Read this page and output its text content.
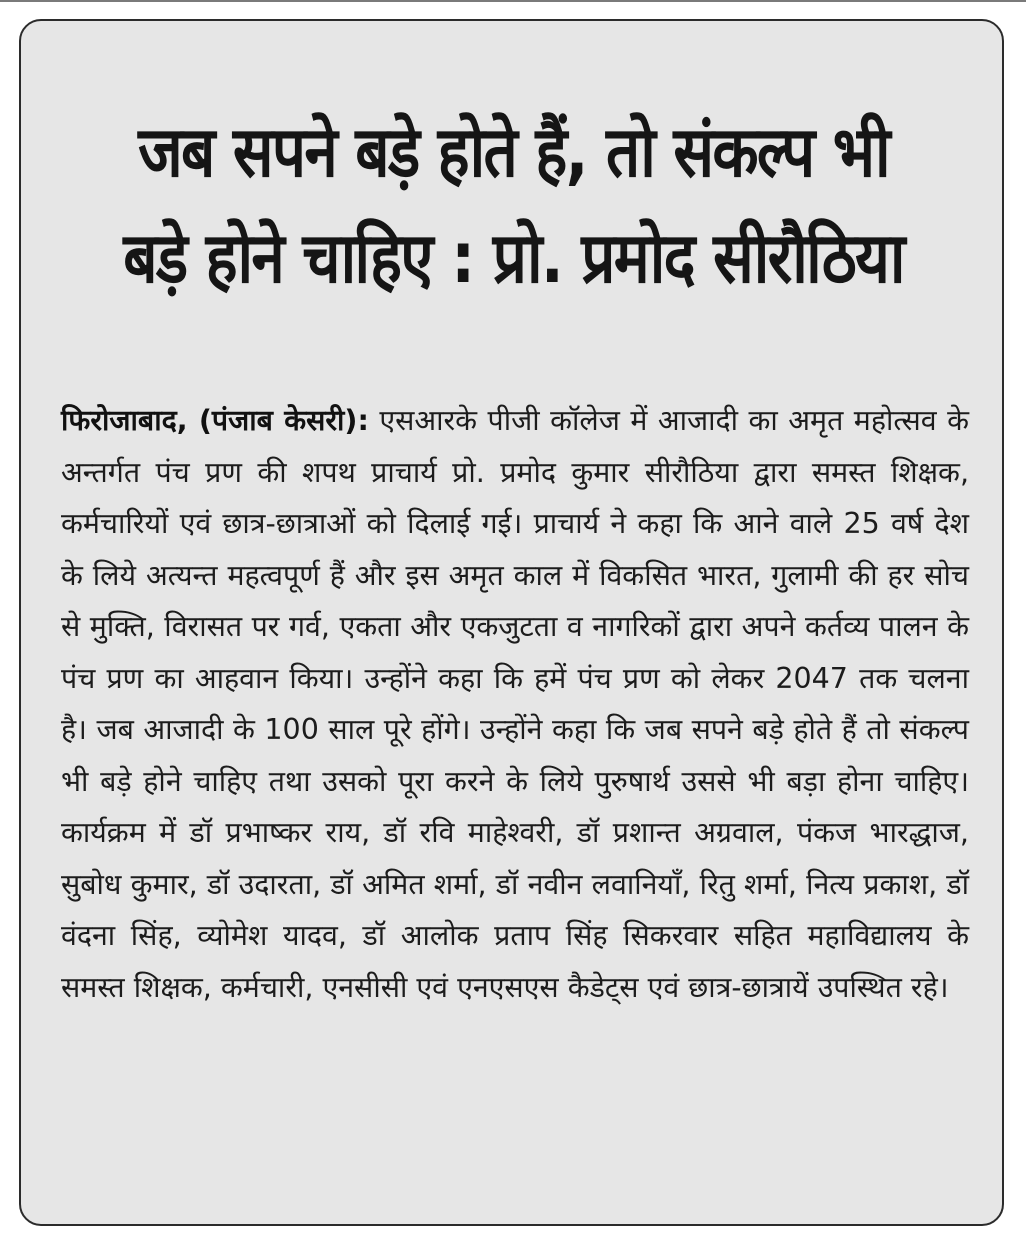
जब सपने बड़े होते हैं, तो संकल्प भी बड़े होने चाहिए : प्रो. प्रमोद सीरौठिया

फिरोजाबाद, (पंजाब केसरी): एसआरके पीजी कॉलेज में आजादी का अमृत महोत्सव के अन्तर्गत पंच प्रण की शपथ प्राचार्य प्रो. प्रमोद कुमार सीरौठिया द्वारा समस्त शिक्षक, कर्मचारियों एवं छात्र-छात्राओं को दिलाई गई। प्राचार्य ने कहा कि आने वाले 25 वर्ष देश के लिये अत्यन्त महत्वपूर्ण हैं और इस अमृत काल में विकसित भारत, गुलामी की हर सोच से मुक्ति, विरासत पर गर्व, एकता और एकजुटता व नागरिकों द्वारा अपने कर्तव्य पालन के पंच प्रण का आहवान किया। उन्होंने कहा कि हमें पंच प्रण को लेकर 2047 तक चलना है। जब आजादी के 100 साल पूरे होंगे। उन्होंने कहा कि जब सपने बड़े होते हैं तो संकल्प भी बड़े होने चाहिए तथा उसको पूरा करने के लिये पुरुषार्थ उससे भी बड़ा होना चाहिए। कार्यक्रम में डॉ प्रभाष्कर राय, डॉ रवि माहेश्वरी, डॉ प्रशान्त अग्रवाल, पंकज भारद्धाज, सुबोध कुमार, डॉ उदारता, डॉ अमित शर्मा, डॉ नवीन लवानियाँ, रितु शर्मा, नित्य प्रकाश, डॉ वंदना सिंह, व्योमेश यादव, डॉ आलोक प्रताप सिंह सिकरवार सहित महाविद्यालय के समस्त शिक्षक, कर्मचारी, एनसीसी एवं एनएसएस कैडेट्स एवं छात्र-छात्रायें उपस्थित रहे।
